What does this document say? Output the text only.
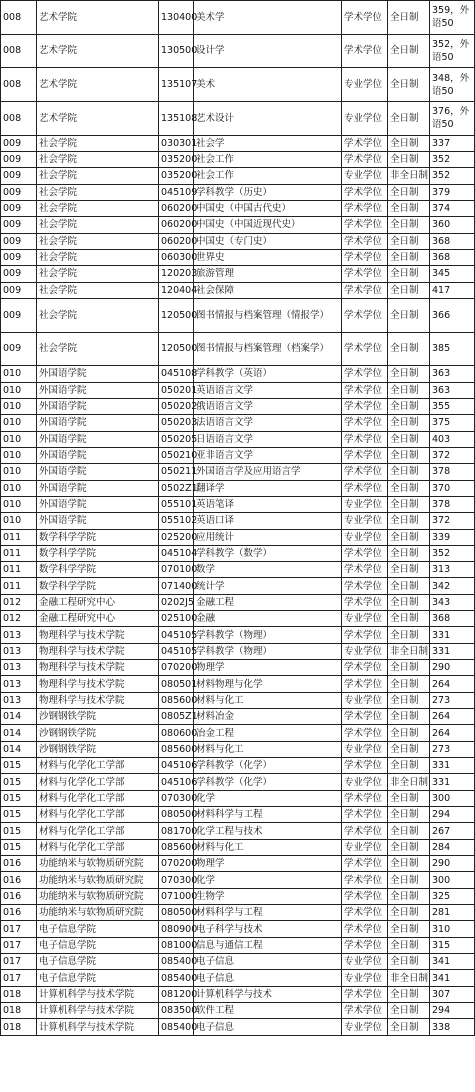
008	艺术学院	130400	美术学	学术学位	全日制	359，外语50
008	艺术学院	130500	设计学	学术学位	全日制	352，外语50
008	艺术学院	135107	美术	专业学位	全日制	348，外语50
008	艺术学院	135108	艺术设计	专业学位	全日制	376，外语50
009	社会学院	030301	社会学	学术学位	全日制	337
009	社会学院	035200	社会工作	学术学位	全日制	352
009	社会学院	035200	社会工作	专业学位	非全日制	352
009	社会学院	045109	学科教学（历史）	学术学位	全日制	379
009	社会学院	060200	中国史（中国古代史）	学术学位	全日制	374
009	社会学院	060200	中国史（中国近现代史）	学术学位	全日制	360
009	社会学院	060200	中国史（专门史）	学术学位	全日制	368
009	社会学院	060300	世界史	学术学位	全日制	368
009	社会学院	120203	旅游管理	学术学位	全日制	345
009	社会学院	120404	社会保障	学术学位	全日制	417
009	社会学院	120500	图书情报与档案管理（情报学）	学术学位	全日制	366
009	社会学院	120500	图书情报与档案管理（档案学）	学术学位	全日制	385
010	外国语学院	045108	学科教学（英语）	学术学位	全日制	363
010	外国语学院	050201	英语语言文学	学术学位	全日制	363
010	外国语学院	050202	俄语语言文学	学术学位	全日制	355
010	外国语学院	050203	法语语言文学	学术学位	全日制	375
010	外国语学院	050205	日语语言文学	学术学位	全日制	403
010	外国语学院	050210	亚非语言文学	学术学位	全日制	372
010	外国语学院	050211	外国语言学及应用语言学	学术学位	全日制	378
010	外国语学院	0502Z1	翻译学	学术学位	全日制	370
010	外国语学院	055101	英语笔译	专业学位	全日制	378
010	外国语学院	055102	英语口译	专业学位	全日制	372
011	数学科学学院	025200	应用统计	专业学位	全日制	339
011	数学科学学院	045104	学科教学（数学）	学术学位	全日制	352
011	数学科学学院	070100	数学	学术学位	全日制	313
011	数学科学学院	071400	统计学	学术学位	全日制	342
012	金融工程研究中心	0202J5	金融工程	学术学位	全日制	343
012	金融工程研究中心	025100	金融	专业学位	全日制	368
013	物理科学与技术学院	045105	学科教学（物理）	学术学位	全日制	331
013	物理科学与技术学院	045105	学科教学（物理）	专业学位	非全日制	331
013	物理科学与技术学院	070200	物理学	学术学位	全日制	290
013	物理科学与技术学院	080501	材料物理与化学	学术学位	全日制	264
013	物理科学与技术学院	085600	材料与化工	专业学位	全日制	273
014	沙钢钢铁学院	0805Z1	材料冶金	学术学位	全日制	264
014	沙钢钢铁学院	080600	冶金工程	学术学位	全日制	264
014	沙钢钢铁学院	085600	材料与化工	专业学位	全日制	273
015	材料与化学化工学部	045106	学科教学（化学）	学术学位	全日制	331
015	材料与化学化工学部	045106	学科教学（化学）	专业学位	非全日制	331
015	材料与化学化工学部	070300	化学	学术学位	全日制	300
015	材料与化学化工学部	080500	材料科学与工程	学术学位	全日制	294
015	材料与化学化工学部	081700	化学工程与技术	学术学位	全日制	267
015	材料与化学化工学部	085600	材料与化工	专业学位	全日制	284
016	功能纳米与软物质研究院	070200	物理学	学术学位	全日制	290
016	功能纳米与软物质研究院	070300	化学	学术学位	全日制	300
016	功能纳米与软物质研究院	071000	生物学	学术学位	全日制	325
016	功能纳米与软物质研究院	080500	材料科学与工程	学术学位	全日制	281
017	电子信息学院	080900	电子科学与技术	学术学位	全日制	310
017	电子信息学院	081000	信息与通信工程	学术学位	全日制	315
017	电子信息学院	085400	电子信息	专业学位	全日制	341
017	电子信息学院	085400	电子信息	专业学位	非全日制	341
018	计算机科学与技术学院	081200	计算机科学与技术	学术学位	全日制	307
018	计算机科学与技术学院	083500	软件工程	学术学位	全日制	294
018	计算机科学与技术学院	085400	电子信息	专业学位	全日制	338
